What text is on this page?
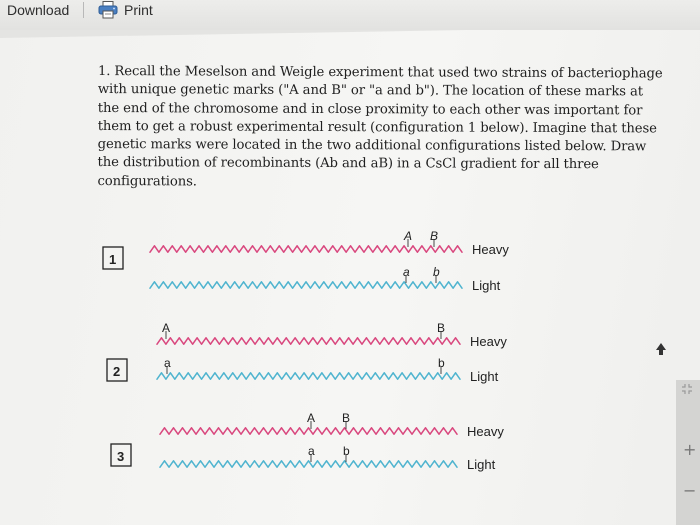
Download	Print
1. Recall the Meselson and Weigle experiment that used two strains of bacteriophage with unique genetic marks ("A and B" or "a and b"). The location of these marks at the end of the chromosome and in close proximity to each other was important for them to get a robust experimental result (configuration 1 below). Imagine that these genetic marks were located in the two additional configurations listed below. Draw the distribution of recombinants (Ab and aB) in a CsCl gradient for all three configurations.
1
A B
a b
Heavy
Light
2
A	B
a	b
Heavy
Light
3
A B
a b
Heavy
Light
+
−
